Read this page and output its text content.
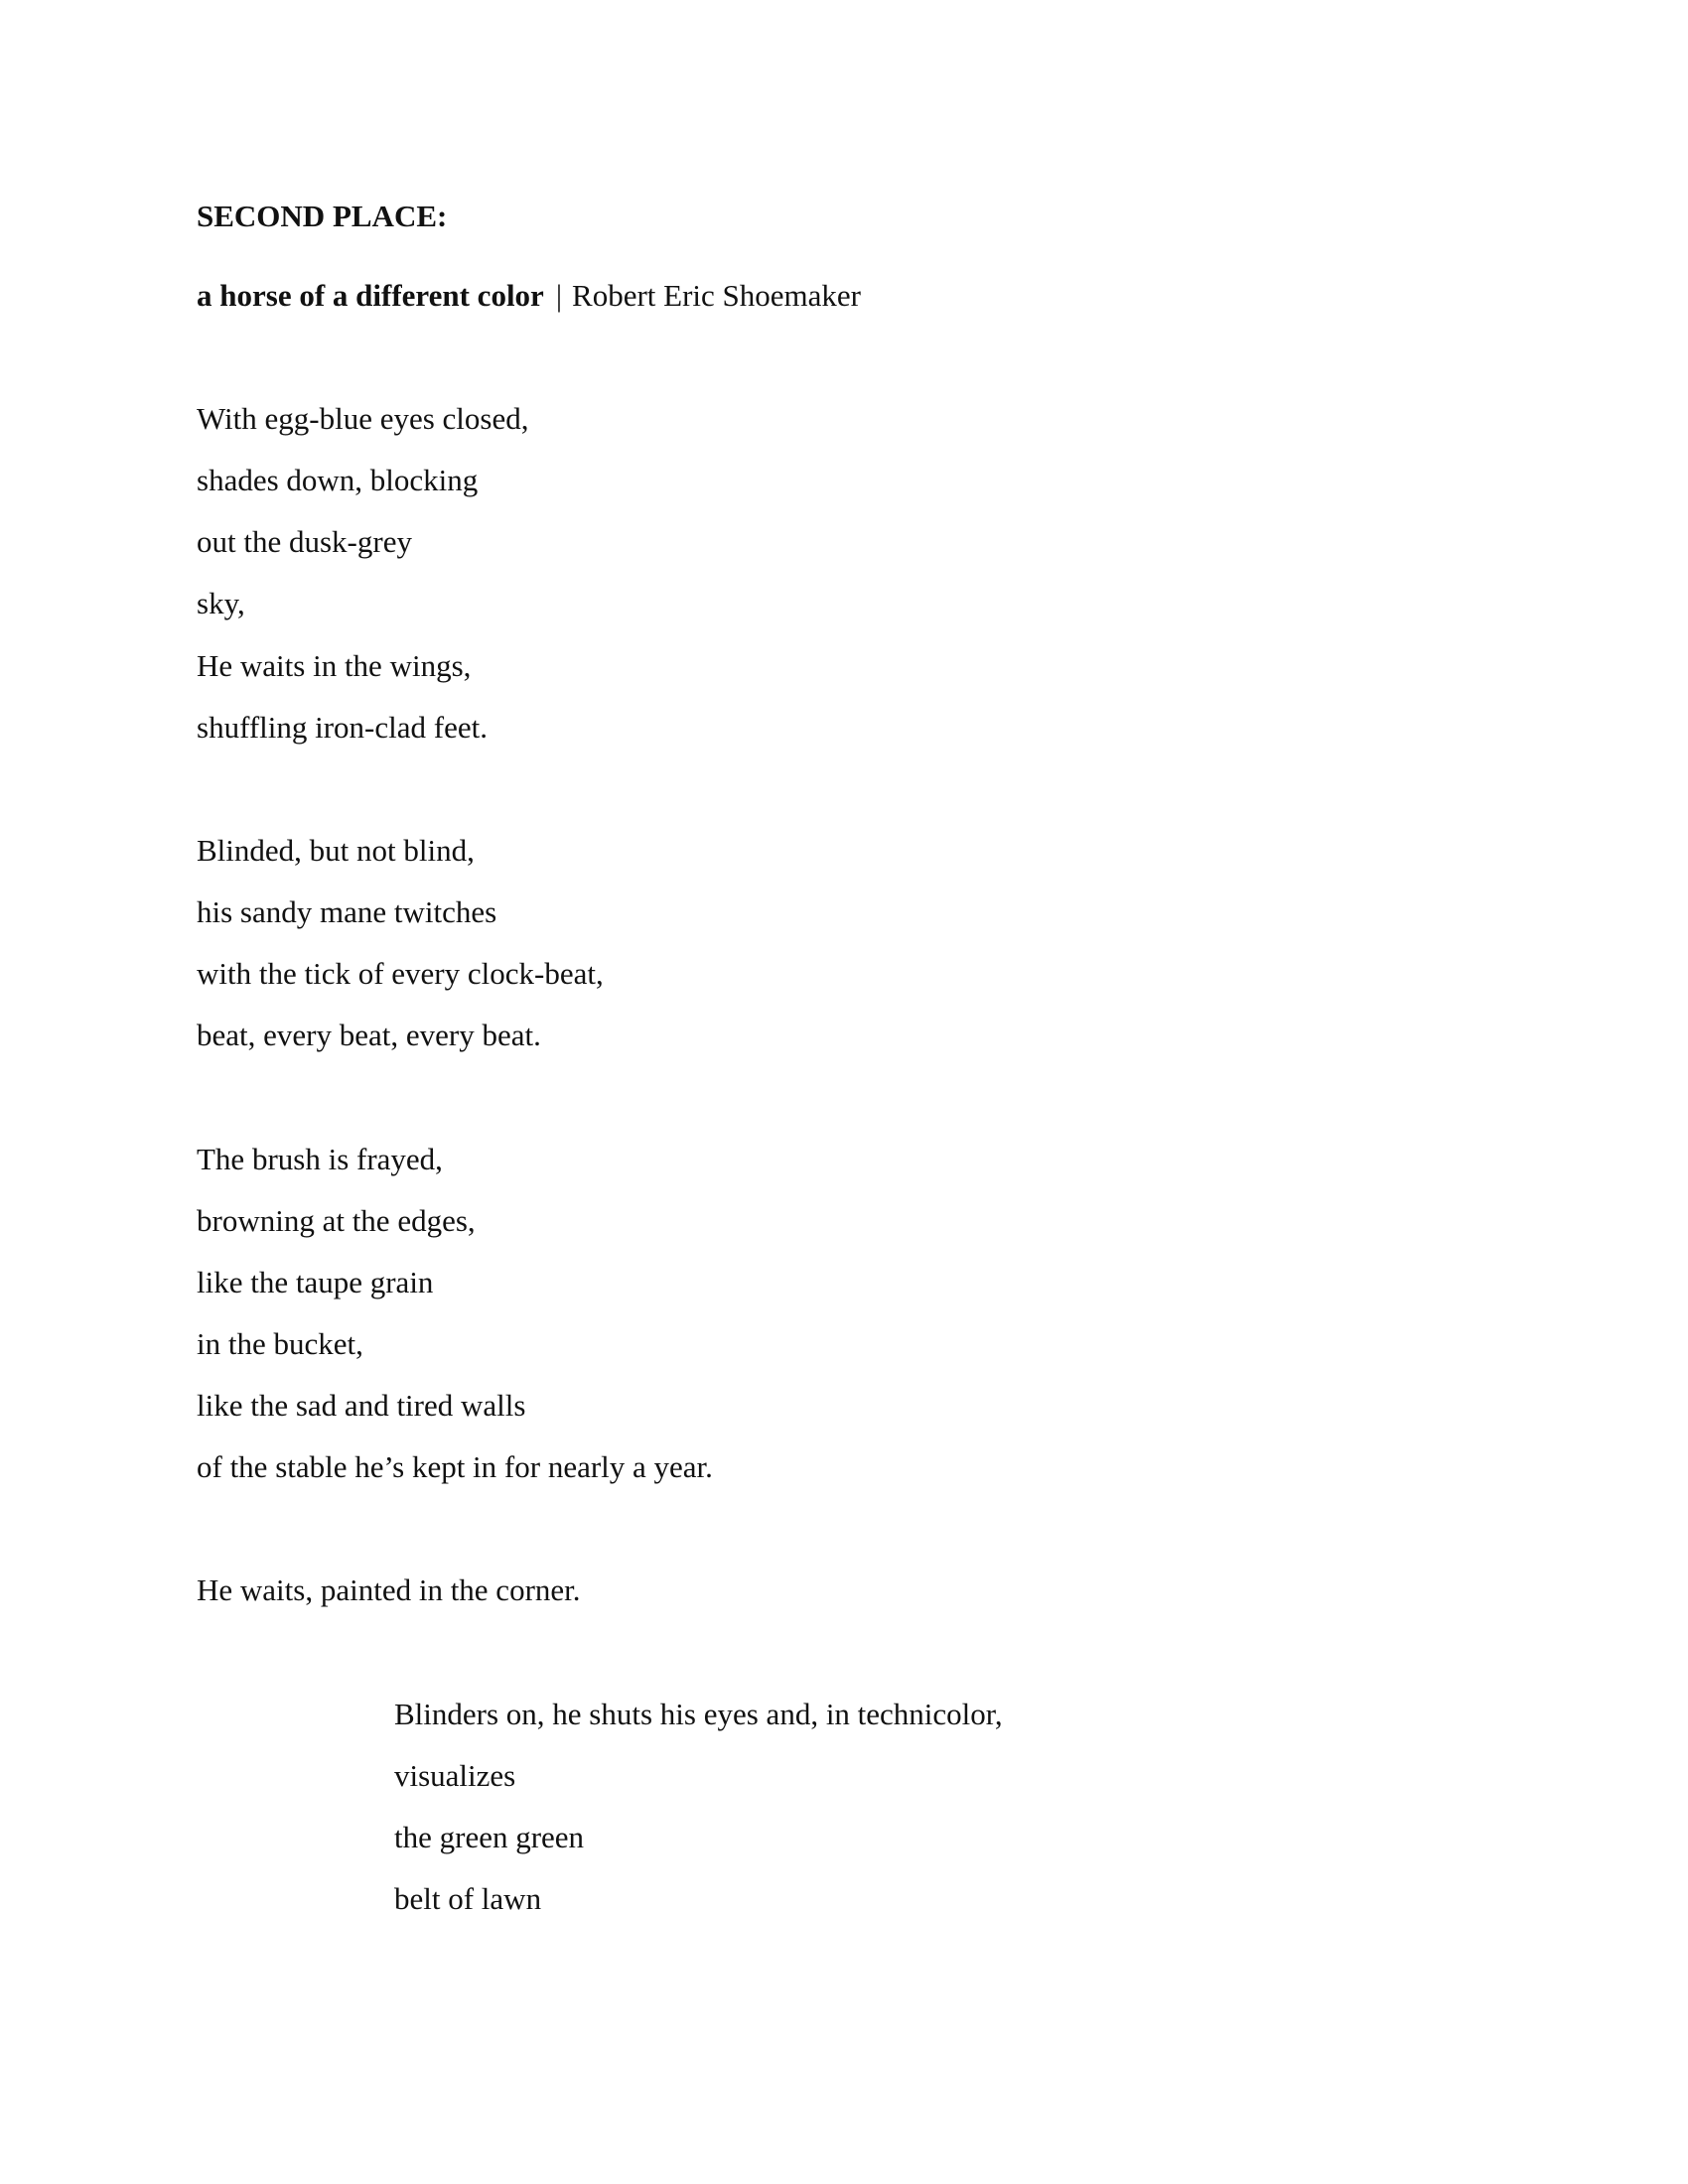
SECOND PLACE:
a horse of a different color | Robert Eric Shoemaker
With egg-blue eyes closed,
shades down, blocking
out the dusk-grey
sky,
He waits in the wings,
shuffling iron-clad feet.
Blinded, but not blind,
his sandy mane twitches
with the tick of every clock-beat,
beat, every beat, every beat.
The brush is frayed,
browning at the edges,
like the taupe grain
in the bucket,
like the sad and tired walls
of the stable he’s kept in for nearly a year.
He waits, painted in the corner.
Blinders on, he shuts his eyes and, in technicolor,
visualizes
the green green
belt of lawn
